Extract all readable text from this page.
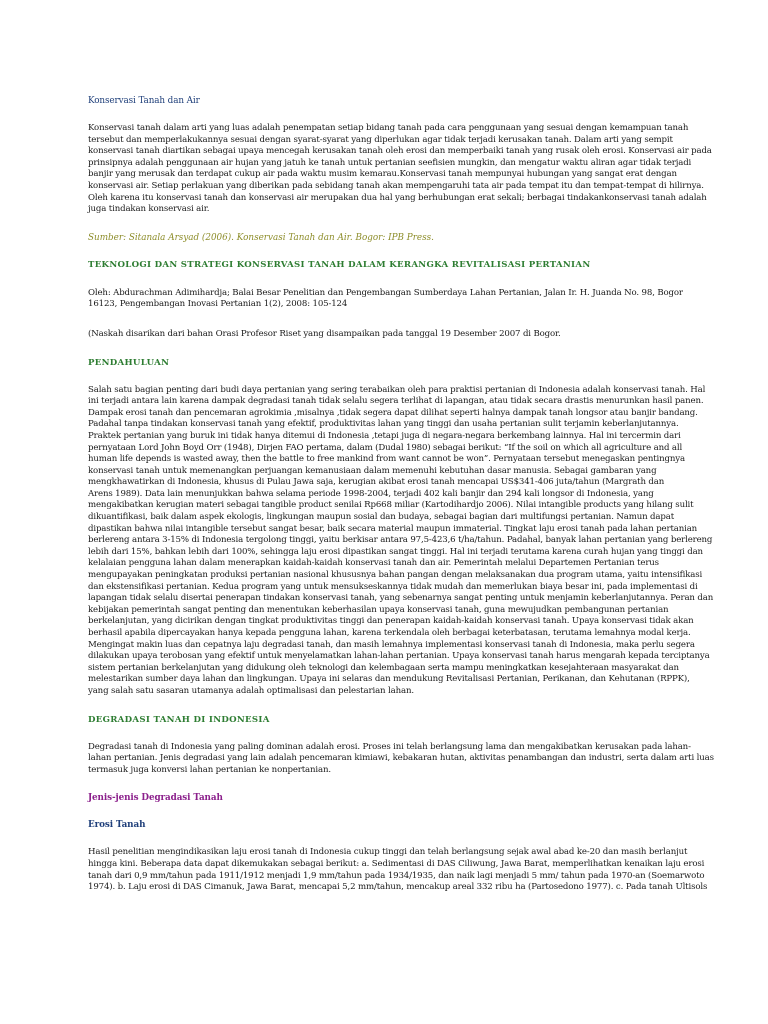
Konservasi Tanah dan Air

Konservasi tanah dalam arti yang luas adalah penempatan setiap bidang tanah pada cara penggunaan yang sesuai dengan kemampuan tanah
tersebut dan memperlakukannya sesuai dengan syarat-syarat yang diperlukan agar tidak terjadi kerusakan tanah. Dalam arti yang sempit
konservasi tanah diartikan sebagai upaya mencegah kerusakan tanah oleh erosi dan memperbaiki tanah yang rusak oleh erosi. Konservasi air pada
prinsipnya adalah penggunaan air hujan yang jatuh ke tanah untuk pertanian seefisien mungkin, dan mengatur waktu aliran agar tidak terjadi
banjir yang merusak dan terdapat cukup air pada waktu musim kemarau.Konservasi tanah mempunyai hubungan yang sangat erat dengan
konservasi air. Setiap perlakuan yang diberikan pada sebidang tanah akan mempengaruhi tata air pada tempat itu dan tempat-tempat di hilirnya.
Oleh karena itu konservasi tanah dan konservasi air merupakan dua hal yang berhubungan erat sekali; berbagai tindakankonservasi tanah adalah
juga tindakan konservasi air.

Sumber: Sitanala Arsyad (2006). Konservasi Tanah dan Air. Bogor: IPB Press.

TEKNOLOGI DAN STRATEGI KONSERVASI TANAH DALAM KERANGKA REVITALISASI PERTANIAN

Oleh: Abdurachman Adimihardja; Balai Besar Penelitian dan Pengembangan Sumberdaya Lahan Pertanian, Jalan Ir. H. Juanda No. 98, Bogor
16123, Pengembangan Inovasi Pertanian 1(2), 2008: 105-124
(Naskah disarikan dari bahan Orasi Profesor Riset yang disampaikan pada tanggal 19 Desember 2007 di Bogor.

PENDAHULUAN

Salah satu bagian penting dari budi daya pertanian yang sering terabaikan oleh para praktisi pertanian di Indonesia adalah konservasi tanah. Hal
ini terjadi antara lain karena dampak degradasi tanah tidak selalu segera terlihat di lapangan, atau tidak secara drastis menurunkan hasil panen.
Dampak erosi tanah dan pencemaran agrokimia ,misalnya ,tidak segera dapat dilihat seperti halnya dampak tanah longsor atau banjir bandang.
Padahal tanpa tindakan konservasi tanah yang efektif, produktivitas lahan yang tinggi dan usaha pertanian sulit terjamin keberlanjutannya.
Praktek pertanian yang buruk ini tidak hanya ditemui di Indonesia ,tetapi juga di negara-negara berkembang lainnya. Hal ini tercermin dari
pernyataan Lord John Boyd Orr (1948), Dirjen FAO pertama, dalam (Dudal 1980) sebagai berikut: “If the soil on which all agriculture and all
human life depends is wasted away, then the battle to free mankind from want cannot be won”. Pernyataan tersebut menegaskan pentingnya
konservasi tanah untuk memenangkan perjuangan kemanusiaan dalam memenuhi kebutuhan dasar manusia. Sebagai gambaran yang
mengkhawatirkan di Indonesia, khusus di Pulau Jawa saja, kerugian akibat erosi tanah mencapai US$341-406 juta/tahun (Margrath dan
Arens 1989). Data lain menunjukkan bahwa selama periode 1998-2004, terjadi 402 kali banjir dan 294 kali longsor di Indonesia, yang
mengakibatkan kerugian materi sebagai tangible product senilai Rp668 miliar (Kartodihardjo 2006). Nilai intangible products yang hilang sulit
dikuantifikasi, baik dalam aspek ekologis, lingkungan maupun sosial dan budaya, sebagai bagian dari multifungsi pertanian. Namun dapat
dipastikan bahwa nilai intangible tersebut sangat besar, baik secara material maupun immaterial. Tingkat laju erosi tanah pada lahan pertanian
berlereng antara 3-15% di Indonesia tergolong tinggi, yaitu berkisar antara 97,5-423,6 t/ha/tahun. Padahal, banyak lahan pertanian yang berlereng
lebih dari 15%, bahkan lebih dari 100%, sehingga laju erosi dipastikan sangat tinggi. Hal ini terjadi terutama karena curah hujan yang tinggi dan
kelalaian pengguna lahan dalam menerapkan kaidah-kaidah konservasi tanah dan air. Pemerintah melalui Departemen Pertanian terus
mengupayakan peningkatan produksi pertanian nasional khususnya bahan pangan dengan melaksanakan dua program utama, yaitu intensifikasi
dan ekstensifikasi pertanian. Kedua program yang untuk mensukseskannya tidak mudah dan memerlukan biaya besar ini, pada implementasi di
lapangan tidak selalu disertai penerapan tindakan konservasi tanah, yang sebenarnya sangat penting untuk menjamin keberlanjutannya. Peran dan
kebijakan pemerintah sangat penting dan menentukan keberhasilan upaya konservasi tanah, guna mewujudkan pembangunan pertanian
berkelanjutan, yang dicirikan dengan tingkat produktivitas tinggi dan penerapan kaidah-kaidah konservasi tanah. Upaya konservasi tidak akan
berhasil apabila dipercayakan hanya kepada pengguna lahan, karena terkendala oleh berbagai keterbatasan, terutama lemahnya modal kerja.
Mengingat makin luas dan cepatnya laju degradasi tanah, dan masih lemahnya implementasi konservasi tanah di Indonesia, maka perlu segera
dilakukan upaya terobosan yang efektif untuk menyelamatkan lahan-lahan pertanian. Upaya konservasi tanah harus mengarah kepada terciptanya
sistem pertanian berkelanjutan yang didukung oleh teknologi dan kelembagaan serta mampu meningkatkan kesejahteraan masyarakat dan
melestarikan sumber daya lahan dan lingkungan. Upaya ini selaras dan mendukung Revitalisasi Pertanian, Perikanan, dan Kehutanan (RPPK),
yang salah satu sasaran utamanya adalah optimalisasi dan pelestarian lahan.

DEGRADASI TANAH DI INDONESIA

Degradasi tanah di Indonesia yang paling dominan adalah erosi. Proses ini telah berlangsung lama dan mengakibatkan kerusakan pada lahan-
lahan pertanian. Jenis degradasi yang lain adalah pencemaran kimiawi, kebakaran hutan, aktivitas penambangan dan industri, serta dalam arti luas
termasuk juga konversi lahan pertanian ke nonpertanian.

Jenis-jenis Degradasi Tanah

Erosi Tanah

Hasil penelitian mengindikasikan laju erosi tanah di Indonesia cukup tinggi dan telah berlangsung sejak awal abad ke-20 dan masih berlanjut
hingga kini. Beberapa data dapat dikemukakan sebagai berikut: a. Sedimentasi di DAS Ciliwung, Jawa Barat, memperlihatkan kenaikan laju erosi
tanah dari 0,9 mm/tahun pada 1911/1912 menjadi 1,9 mm/tahun pada 1934/1935, dan naik lagi menjadi 5 mm/ tahun pada 1970-an (Soemarwoto
1974). b. Laju erosi di DAS Cimanuk, Jawa Barat, mencapai 5,2 mm/tahun, mencakup areal 332 ribu ha (Partosedono 1977). c. Pada tanah Ultisols
